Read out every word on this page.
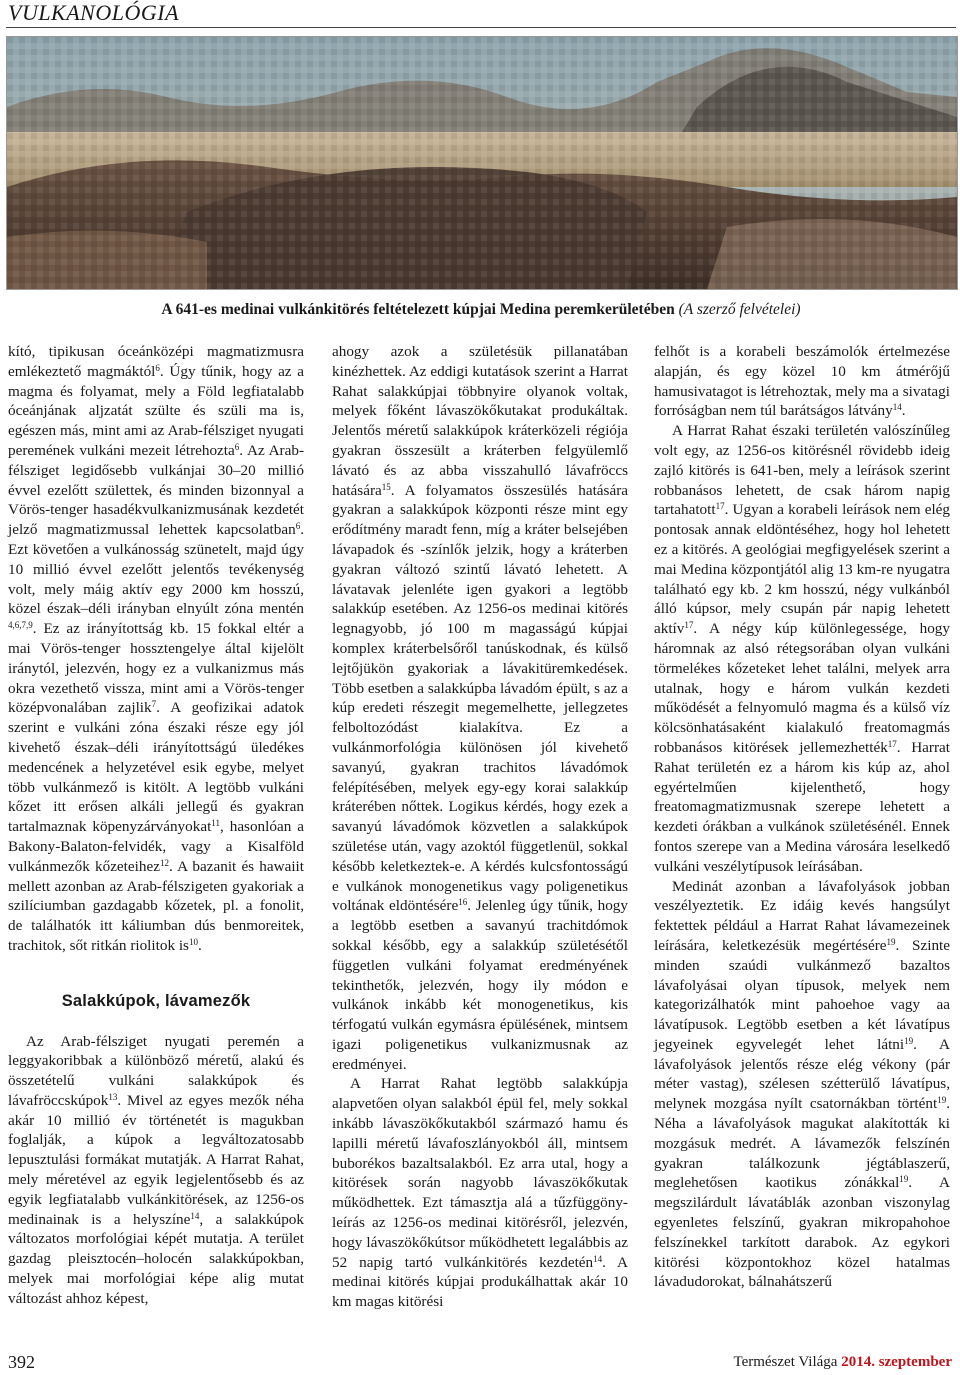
VULKANOLÓGIA
A 641-es medinai vulkánkitörés feltételezett kúpjai Medina peremkerületében (A szerző felvételei)

kító, tipikusan óceánközépi magmatizmusra emlékeztető magmáktól$^6$. Úgy tűnik, hogy az a magma és folyamat, mely a Föld legfiatalabb óceánjának aljzatát szülte és szüli ma is, egészen más, mint ami az Arab-félsziget nyugati peremének vulkáni mezeit létrehozta$^6$. Az Arab-félsziget legidősebb vulkánjai 30–20 millió évvel ezelőtt születtek, és minden bizonnyal a Vörös-tenger hasadékvulkanizmusának kezdetét jelző magmatizmussal lehettek kapcsolatban$^6$. Ezt követően a vulkánosság szünetelt, majd úgy 10 millió évvel ezelőtt jelentős tevékenység volt, mely máig aktív egy 2000 km hosszú, közel észak–déli irányban elnyúlt zóna mentén $^{4,6,7,9}$. Ez az irányítottság kb. 15 fokkal eltér a mai Vörös-tenger hossztengelye által kijelölt iránytól, jelezvén, hogy ez a vulkanizmus más okra vezethető vissza, mint ami a Vörös-tenger középvonalában zajlik$^7$. A geofizikai adatok szerint e vulkáni zóna északi része egy jól kivehető észak–déli irányítottságú üledékes medencének a helyzetével esik egybe, melyet több vulkánmező is kitölt. A legtöbb vulkáni kőzet itt erősen alkáli jellegű és gyakran tartalmaznak köpenyzárványokat$^{11}$, hasonlóan a Bakony-Balaton-felvidék, vagy a Kisalföld vulkánmezők kőzeteihez$^{12}$. A bazanit és hawaiit mellett azonban az Arab-félszigeten gyakoriak a szilíciumban gazdagabb kőzetek, pl. a fonolit, de találhatók itt káliumban dús benmoreitek, trachitok, sőt ritkán riolitok $is^{10}$.

Salakkúpok, lávamezők

Az Arab-félsziget nyugati peremén a leggyakoribbak a különböző méretű, alakú és összetételű vulkáni salakkúpok és lávafröccskúpok$^{13}$. Mivel az egyes mezők néha akár 10 millió év történetét is magukban foglalják, a kúpok a legváltozatosabb lepusztulási formákat mutatják. A Harrat Rahat, mely méretével az egyik legjelentősebb és az egyik legfiatalabb vulkánkitörések, az 1256-os medinainak is a helyszíne$^{14}$, a salakkúpok változatos morfológiai képét mutatja. A terület gazdag pleisztocén–holocén salakkúpokban, melyek mai morfológiai képe alig mutat változást ahhoz képest,

ahogy azok a születésük pillanatában kinézhettek. Az eddigi kutatások szerint a Harrat Rahat salakkúpjai többnyire olyanok voltak, melyek főként lávaszökőkutakat produkáltak. Jelentős méretű salakkúpok kráterközeli régiója gyakran összesült a kráterben felgyülemlő lávató és az abba visszahulló lávafröccs hatására$^{15}$. A folyamatos összesülés hatására gyakran a salakkúpok központi része mint egy erődítmény maradt fenn, míg a kráter belsejében lávapadok és -színlők jelzik, hogy a kráterben gyakran változó szintű lávató lehetett. A lávatavak jelenléte igen gyakori a legtöbb salakkúp esetében. Az 1256-os medinai kitörés legnagyobb, jó 100 m magasságú kúpjai komplex kráterbelsőről tanúskodnak, és külső lejtőjükön gyakoriak a lávakitüremkedések. Több esetben a salakkúpba lávadóm épült, s az a kúp eredeti részegit megemelhette, jellegzetes felboltozódást kialakítva. Ez a vulkánmorfológia különösen jól kivehető savanyú, gyakran trachitos lávadómok felépítésében, melyek egy-egy korai salakkúp kráterében nőttek. Logikus kérdés, hogy ezek a savanyú lávadómok közvetlen a salakkúpok születése után, vagy azoktól függetlenül, sokkal később keletkeztek-e. A kérdés kulcsfontosságú e vulkánok monogenetikus vagy poligenetikus voltának eldöntésére$^{16}$. Jelenleg úgy tűnik, hogy a legtöbb esetben a savanyú trachitdómok sokkal később, egy a salakkúp születésétől független vulkáni folyamat eredményének tekinthetők, jelezvén, hogy ily módon e vulkánok inkább két monogenetikus, kis térfogatú vulkán egymásra épülésének, mintsem igazi poligenetikus vulkanizmusnak az eredményei.

A Harrat Rahat legtöbb salakkúpja alapvetően olyan salakból épül fel, mely sokkal inkább lávaszökőkutakból származó hamu és lapilli méretű lávafoszlányokból áll, mintsem buborékos bazaltsalakból. Ez arra utal, hogy a kitörések során nagyobb lávaszökőkutak működhettek. Ezt támasztja alá a tűzfüggöny-leírás az 1256-os medinai kitörésről, jelezvén, hogy lávaszökőkútsor működhetett legalábbis az 52 napig tartó vulkánkitörés kezdetén$^{14}$. A medinai kitörés kúpjai produkálhattak akár 10 km magas kitörési

felhőt is a korabeli beszámolók értelmezése alapján, és egy közel 10 km átmérőjű hamusivatagot is létrehoztak, mely ma a sivatagi forróságban nem túl barátságos látvány$^{14}$.

A Harrat Rahat északi területén valószínűleg volt egy, az 1256-os kitörésnél rövidebb ideig zajló kitörés is 641-ben, mely a leírások szerint robbanásos lehetett, de csak három napig tartahatott$^{17}$. Ugyan a korabeli leírások nem elég pontosak annak eldöntéséhez, hogy hol lehetett ez a kitörés. A geológiai megfigyelések szerint a mai Medina központjától alig 13 km-re nyugatra található egy kb. 2 km hosszú, négy vulkánból álló kúpsor, mely csupán pár napig lehetett aktív$^{17}$. A négy kúp különlegessége, hogy háromnak az alsó rétegsorában olyan vulkáni törmelékes kőzeteket lehet találni, melyek arra utalnak, hogy e három vulkán kezdeti működését a felnyomuló magma és a külső víz kölcsönhatásaként kialakuló freatomagmás robbanásos kitörések jellemezhették$^{17}$. Harrat Rahat területén ez a három kis kúp az, ahol egyértelműen kijelenthető, hogy freatomagmatizmusnak szerepe lehetett a kezdeti órákban a vulkánok születésénél. Ennek fontos szerepe van a Medina városára leselkedő vulkáni veszélytípusok leírásában.

Medinát azonban a lávafolyások jobban veszélyeztetik. Ez idáig kevés hangsúlyt fektettek például a Harrat Rahat lávamezeinek leírására, keletkezésük megértésére$^{19}$. Szinte minden szaúdi vulkánmező bazaltos lávafolyásai olyan típusok, melyek nem kategorizálhatók mint pahoehoe vagy aa lávatípusok. Legtöbb esetben a két lávatípus jegyeinek egyvelegét lehet látni$^{19}$. A lávafolyások jelentős része elég vékony (pár méter vastag), szélesen szétterülő lávatípus, melynek mozgása nyílt csatornákban történt$^{19}$. Néha a lávafolyások magukat alakították ki mozgásuk medrét. A lávamezők felszínén gyakran találkozunk jégtáblaszerű, meglehetősen kaotikus zónákkal$^{19}$. A megszilárdult lávatáblák azonban viszonylag egyenletes felszínű, gyakran mikropahohoe felszínekkel tarkított darabok. Az egykori kitörési központokhoz közel hatalmas lávadudorokat, bálnahátszerű

392	Természet Világa 2014. szeptember
